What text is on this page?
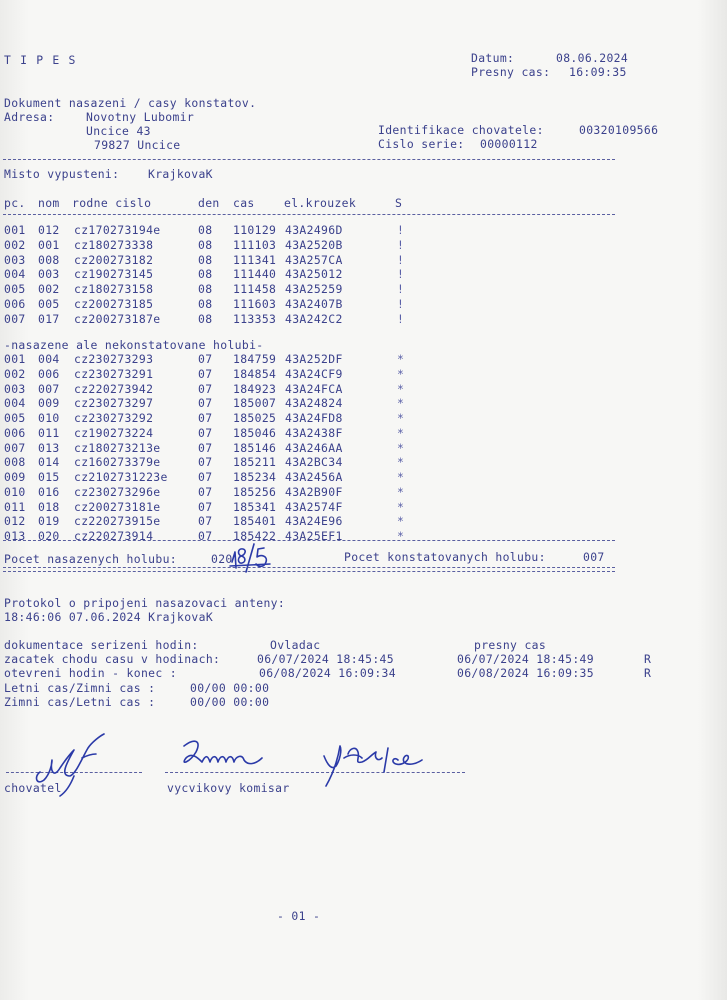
T I P E S	Datum:	08.06.2024
Presny cas: 16:09:35
Dokument nasazeni / casy konstatov.
Adresa:	Novotny Lubomir
Uncice 43
79827 Uncice
Identifikace chovatele:	00320109566
Cislo serie: 00000112
Misto vypusteni:	KrajkovaK
pc. nom rodne cislo	den cas	el.krouzek	S
001 012 cz170273194e	08 110129 43A2496D	!
002 001 cz180273338	08 111103 43A2520B	!
003 008 cz200273182	08 111341 43A257CA	!
004 003 cz190273145	08 111440 43A25012	!
005 002 cz180273158	08 111458 43A25259	!
006 005 cz200273185	08 111603 43A2407B	!
007 017 cz200273187e	08 113353 43A242C2	!
-nasazene ale nekonstatovane holubi-
001 004 cz230273293	07 184759 43A252DF	*
002 006 cz230273291	07 184854 43A24CF9	*
003 007 cz220273942	07 184923 43A24FCA	*
004 009 cz230273297	07 185007 43A24824	*
005 010 cz230273292	07 185025 43A24FD8	*
006 011 cz190273224	07 185046 43A2438F	*
007 013 cz180273213e	07 185146 43A246AA	*
008 014 cz160273379e	07 185211 43A2BC34	*
009 015 cz2102731223e	07 185234 43A2456A	*
010 016 cz230273296e	07 185256 43A2B90F	*
011 018 cz200273181e	07 185341 43A2574F	*
012 019 cz220273915e	07 185401 43A24E96	*
013 020 cz220273914	07 185422 43A25EF1	*
Pocet nasazenych holubu:	020	Pocet konstatovanych holubu:	007
Protokol o pripojeni nasazovaci anteny:
18:46:06 07.06.2024 KrajkovaK
dokumentace serizeni hodin:	Ovladac	presny cas
zacatek chodu casu v hodinach:	06/07/2024 18:45:45	06/07/2024 18:45:49	R
otevreni hodin - konec :	06/08/2024 16:09:34	06/08/2024 16:09:35	R
Letni cas/Zimni cas :	00/00 00:00
Zimni cas/Letni cas :	00/00 00:00
chovatel	vycvikovy komisar
- 01 -
